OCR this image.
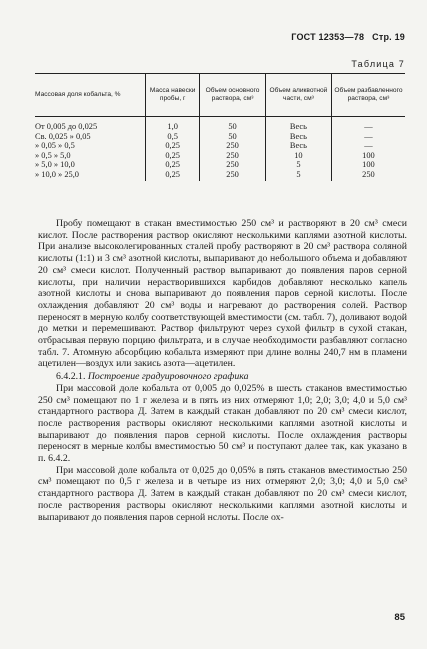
ГОСТ 12353—78 Стр. 19
Таблица 7
Массовая доля кобальта, %	Масса навески пробы, г	Объем основного раствора, см³	Объем аликвотной части, см³	Объем разбавленного раствора, см³
От 0,005 до 0,025	1,0	50	Весь	—
Св. 0,025 » 0,05	0,5	50	Весь	—
» 0,05 » 0,5	0,25	250	Весь	—
» 0,5 » 5,0	0,25	250	10	100
» 5,0 » 10,0	0,25	250	5	100
» 10,0 » 25,0	0,25	250	5	250

Пробу помещают в стакан вместимостью 250 см³ и растворяют в 20 см³ смеси кислот. После растворения раствор окисляют несколькими каплями азотной кислоты. При анализе высоколегированных сталей пробу растворяют в 20 см³ раствора соляной кислоты (1:1) и 3 см³ азотной кислоты, выпаривают до небольшого объема и добавляют 20 см³ смеси кислот. Полученный раствор выпаривают до появления паров серной кислоты, при наличии нерастворившихся карбидов добавляют несколько капель азотной кислоты и снова выпаривают до появления паров серной кислоты. После охлаждения добавляют 20 см³ воды и нагревают до растворения солей. Раствор переносят в мерную колбу соответствующей вместимости (см. табл. 7), доливают водой до метки и перемешивают. Раствор фильтруют через сухой фильтр в сухой стакан, отбрасывая первую порцию фильтрата, и в случае необходимости разбавляют согласно табл. 7. Атомную абсорбцию кобальта измеряют при длине волны 240,7 нм в пламени ацетилен—воздух или закись азота—ацетилен.

6.4.2.1. Построение градуировочного графика

При массовой доле кобальта от 0,005 до 0,025% в шесть стаканов вместимостью 250 см³ помещают по 1 г железа и в пять из них отмеряют 1,0; 2,0; 3,0; 4,0 и 5,0 см³ стандартного раствора Д. Затем в каждый стакан добавляют по 20 см³ смеси кислот, после растворения растворы окисляют несколькими каплями азотной кислоты и выпаривают до появления паров серной кислоты. После охлаждения растворы переносят в мерные колбы вместимостью 50 см³ и поступают далее так, как указано в п. 6.4.2.

При массовой доле кобальта от 0,025 до 0,05% в пять стаканов вместимостью 250 см³ помещают по 0,5 г железа и в четыре из них отмеряют 2,0; 3,0; 4,0 и 5,0 см³ стандартного раствора Д. Затем в каждый стакан добавляют по 20 см³ смеси кислот, после растворения растворы окисляют несколькими каплями азотной кислоты и выпаривают до появления паров серной нслоты. После ох-

85
